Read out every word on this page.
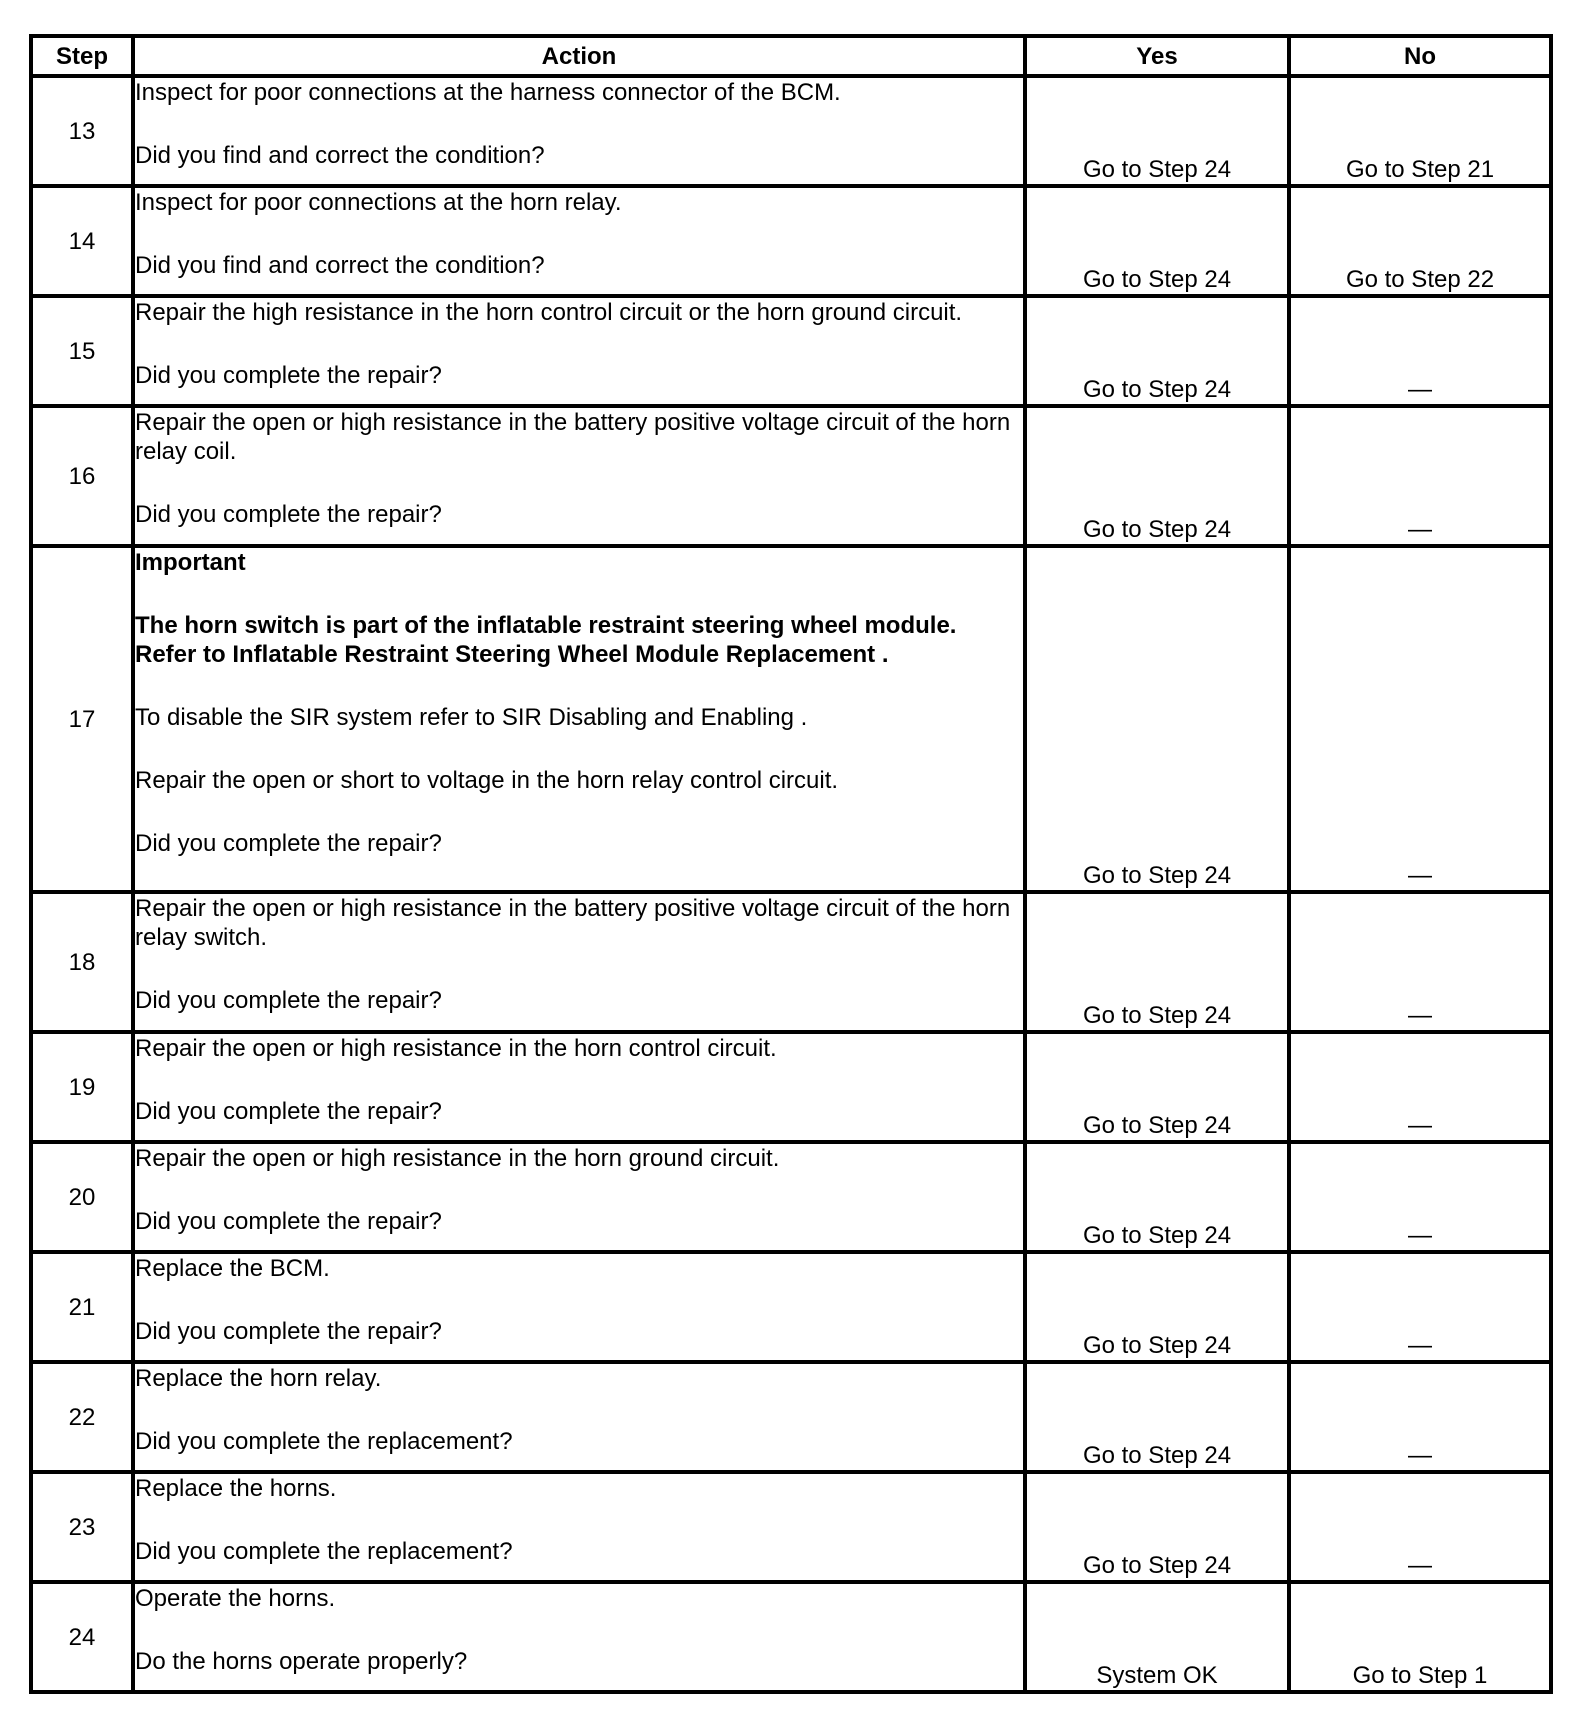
Step	Action	Yes	No
13	Inspect for poor connections at the harness connector of the BCM.

Did you find and correct the condition?	Go to Step 24	Go to Step 21
14	Inspect for poor connections at the horn relay.

Did you find and correct the condition?	Go to Step 24	Go to Step 22
15	Repair the high resistance in the horn control circuit or the horn ground circuit.

Did you complete the repair?	Go to Step 24	—
16	Repair the open or high resistance in the battery positive voltage circuit of the horn relay coil.

Did you complete the repair?	Go to Step 24	—
17	Important

The horn switch is part of the inflatable restraint steering wheel module. Refer to Inflatable Restraint Steering Wheel Module Replacement .

To disable the SIR system refer to SIR Disabling and Enabling .

Repair the open or short to voltage in the horn relay control circuit.

Did you complete the repair?	Go to Step 24	—
18	Repair the open or high resistance in the battery positive voltage circuit of the horn relay switch.

Did you complete the repair?	Go to Step 24	—
19	Repair the open or high resistance in the horn control circuit.

Did you complete the repair?	Go to Step 24	—
20	Repair the open or high resistance in the horn ground circuit.

Did you complete the repair?	Go to Step 24	—
21	Replace the BCM.

Did you complete the repair?	Go to Step 24	—
22	Replace the horn relay.

Did you complete the replacement?	Go to Step 24	—
23	Replace the horns.

Did you complete the replacement?	Go to Step 24	—
24	Operate the horns.

Do the horns operate properly?	System OK	Go to Step 1
